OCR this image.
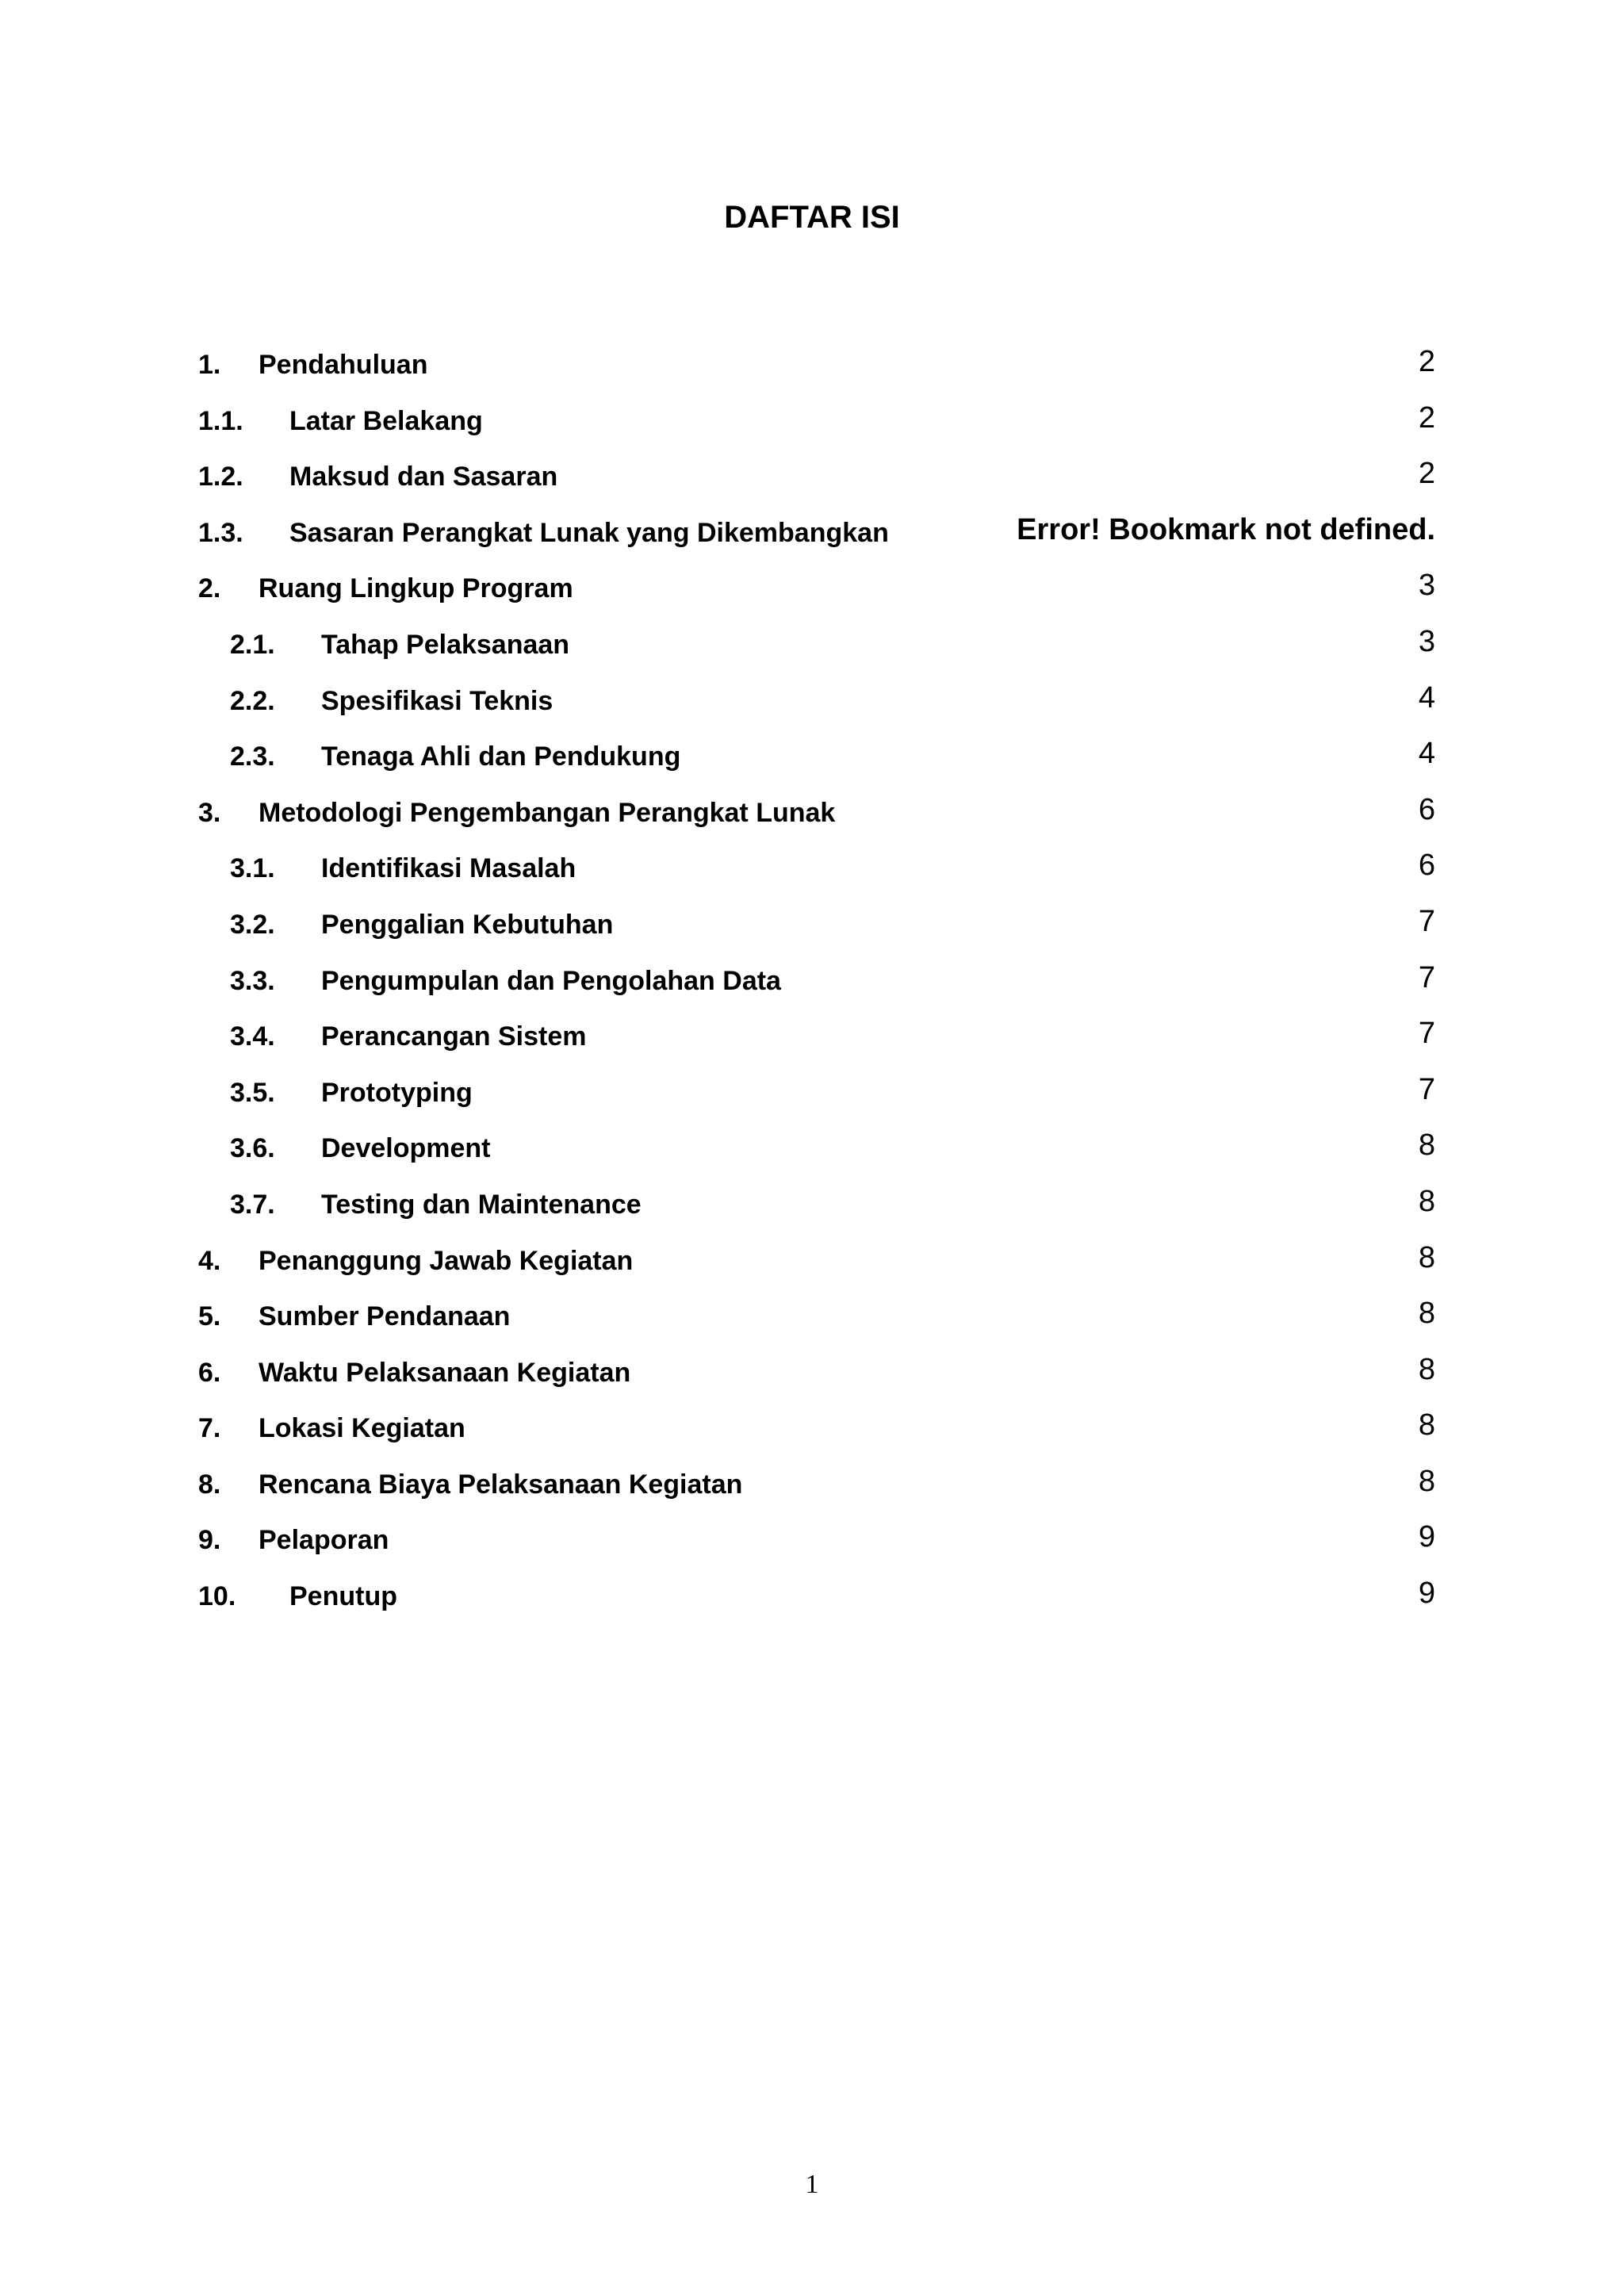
DAFTAR ISI
1. Pendahuluan	2
1.1. Latar Belakang	2
1.2. Maksud dan Sasaran	2
1.3. Sasaran Perangkat Lunak yang Dikembangkan	Error! Bookmark not defined.
2. Ruang Lingkup Program	3
2.1. Tahap Pelaksanaan	3
2.2. Spesifikasi Teknis	4
2.3. Tenaga Ahli dan Pendukung	4
3. Metodologi Pengembangan Perangkat Lunak	6
3.1. Identifikasi Masalah	6
3.2. Penggalian Kebutuhan	7
3.3. Pengumpulan dan Pengolahan Data	7
3.4. Perancangan Sistem	7
3.5. Prototyping	7
3.6. Development	8
3.7. Testing dan Maintenance	8
4. Penanggung Jawab Kegiatan	8
5. Sumber Pendanaan	8
6. Waktu Pelaksanaan Kegiatan	8
7. Lokasi Kegiatan	8
8. Rencana Biaya Pelaksanaan Kegiatan	8
9. Pelaporan	9
10. Penutup	9
1
